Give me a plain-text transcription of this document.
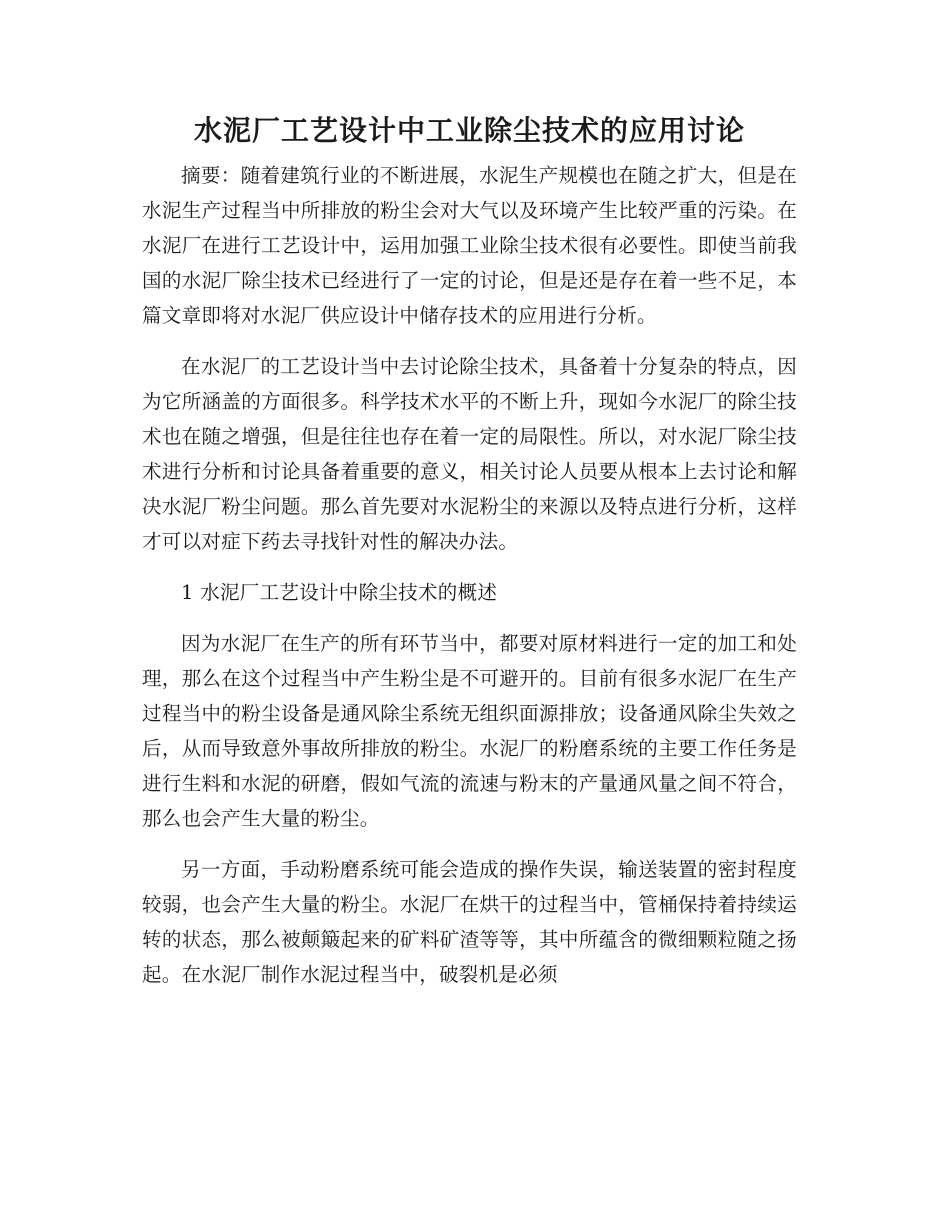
水泥厂工艺设计中工业除尘技术的应用讨论

摘要：随着建筑行业的不断进展，水泥生产规模也在随之扩大，但是在水泥生产过程当中所排放的粉尘会对大气以及环境产生比较严重的污染。在水泥厂在进行工艺设计中，运用加强工业除尘技术很有必要性。即使当前我国的水泥厂除尘技术已经进行了一定的讨论，但是还是存在着一些不足，本篇文章即将对水泥厂供应设计中储存技术的应用进行分析。

在水泥厂的工艺设计当中去讨论除尘技术，具备着十分复杂的特点，因为它所涵盖的方面很多。科学技术水平的不断上升，现如今水泥厂的除尘技术也在随之增强，但是往往也存在着一定的局限性。所以，对水泥厂除尘技术进行分析和讨论具备着重要的意义，相关讨论人员要从根本上去讨论和解决水泥厂粉尘问题。那么首先要对水泥粉尘的来源以及特点进行分析，这样才可以对症下药去寻找针对性的解决办法。

1 水泥厂工艺设计中除尘技术的概述

因为水泥厂在生产的所有环节当中，都要对原材料进行一定的加工和处理，那么在这个过程当中产生粉尘是不可避开的。目前有很多水泥厂在生产过程当中的粉尘设备是通风除尘系统无组织面源排放；设备通风除尘失效之后，从而导致意外事故所排放的粉尘。水泥厂的粉磨系统的主要工作任务是进行生料和水泥的研磨，假如气流的流速与粉末的产量通风量之间不符合，那么也会产生大量的粉尘。

另一方面，手动粉磨系统可能会造成的操作失误，输送装置的密封程度较弱，也会产生大量的粉尘。水泥厂在烘干的过程当中，管桶保持着持续运转的状态，那么被颠簸起来的矿料矿渣等等，其中所蕴含的微细颗粒随之扬起。在水泥厂制作水泥过程当中，破裂机是必须
